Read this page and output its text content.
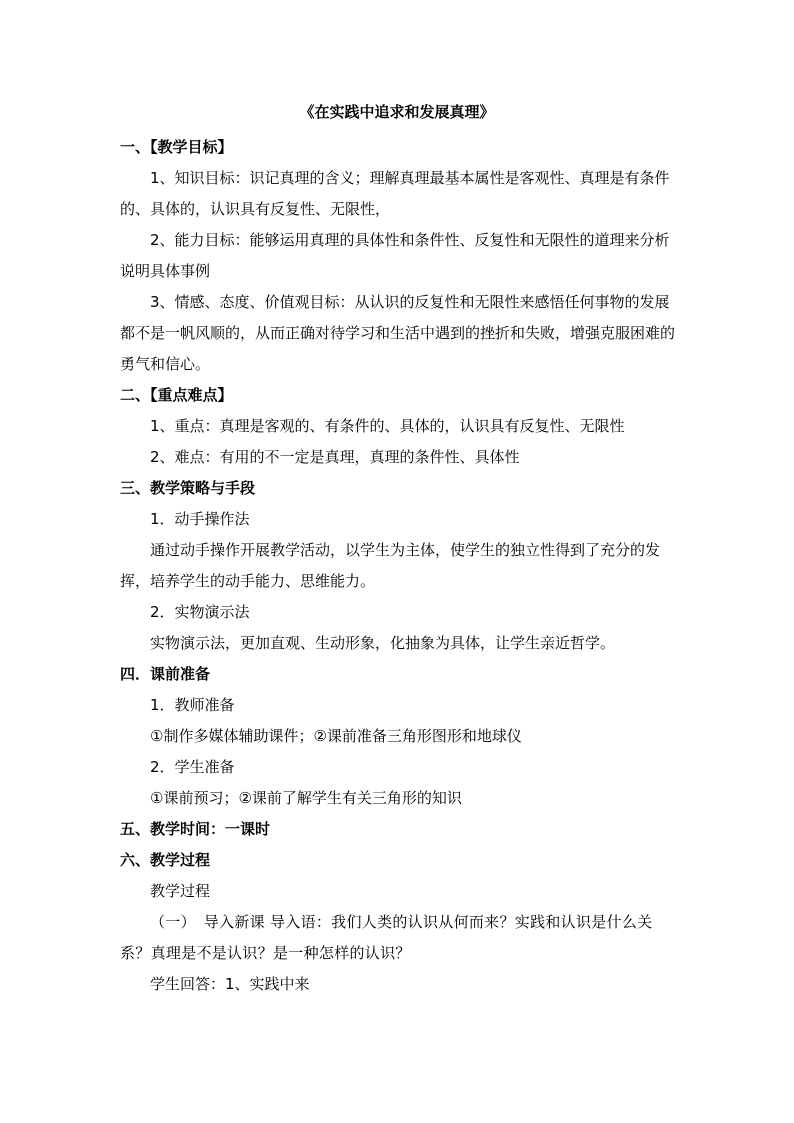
《在实践中追求和发展真理》

一、【教学目标】

1、知识目标：识记真理的含义；理解真理最基本属性是客观性、真理是有条件的、具体的，认识具有反复性、无限性，

2、能力目标：能够运用真理的具体性和条件性、反复性和无限性的道理来分析说明具体事例

3、情感、态度、价值观目标：从认识的反复性和无限性来感悟任何事物的发展都不是一帆风顺的，从而正确对待学习和生活中遇到的挫折和失败，增强克服困难的勇气和信心。

二、【重点难点】

1、重点：真理是客观的、有条件的、具体的，认识具有反复性、无限性

2、难点：有用的不一定是真理，真理的条件性、具体性

三、教学策略与手段

1．动手操作法

通过动手操作开展教学活动，以学生为主体，使学生的独立性得到了充分的发挥，培养学生的动手能力、思维能力。

2．实物演示法

实物演示法，更加直观、生动形象，化抽象为具体，让学生亲近哲学。

四．课前准备

1．教师准备

①制作多媒体辅助课件；②课前准备三角形图形和地球仪

2．学生准备

①课前预习；②课前了解学生有关三角形的知识

五、教学时间：一课时

六、教学过程

教学过程

（一）　导入新课 导入语：我们人类的认识从何而来？实践和认识是什么关系？真理是不是认识？是一种怎样的认识？

学生回答：1、实践中来
